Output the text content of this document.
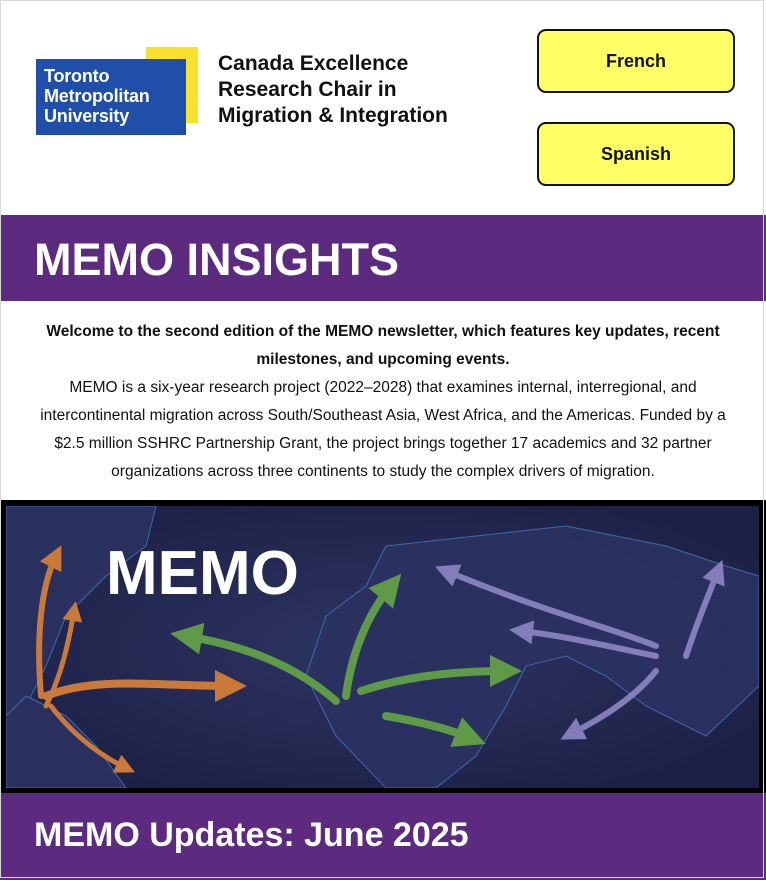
Toronto
Metropolitan
University
Canada Excellence
Research Chair in
Migration & Integration
French
Spanish
MEMO INSIGHTS

Welcome to the second edition of the MEMO newsletter, which features key updates, recent milestones, and upcoming events.

MEMO is a six-year research project (2022–2028) that examines internal, interregional, and intercontinental migration across South/Southeast Asia, West Africa, and the Americas. Funded by a $2.5 million SSHRC Partnership Grant, the project brings together 17 academics and 32 partner organizations across three continents to study the complex drivers of migration.

MEMO
MEMO Updates: June 2025
